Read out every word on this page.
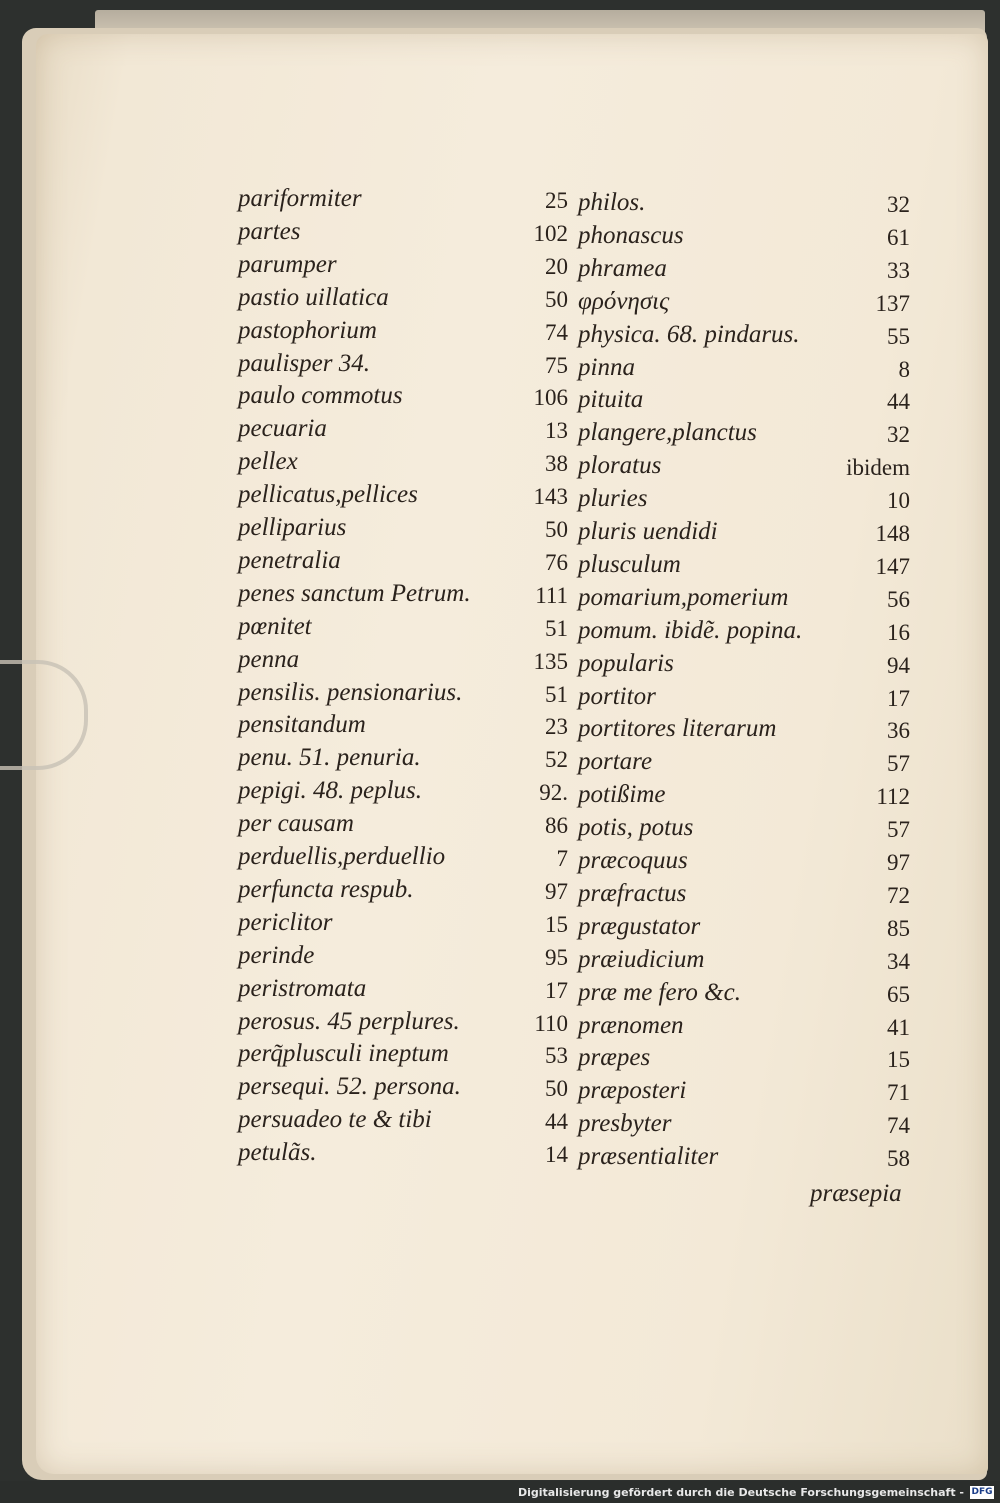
pariformiter	25
partes	102
parumper	20
pastio uillatica	50
pastophorium	74
paulisper 34.	75
paulo commotus	106
pecuaria	13
pellex	38
pellicatus,pellices	143
pelliparius	50
penetralia	76
penes sanctum Petrum.	111
pœnitet	51
penna	135
pensilis. pensionarius.	51
pensitandum	23
penu. 51. penuria.	52
pepigi. 48. peplus.	92.
per causam	86
perduellis,perduellio	7
perfuncta respub.	97
periclitor	15
perinde	95
peristromata	17
perosus. 45 perplures.	110
perq̃plusculi ineptum	53
persequi. 52. persona.	50
persuadeo te & tibi	44
petulãs.	14
philos.	32
phonascus	61
phramea	33
φρόνησις	137
physica. 68. pindarus.	55
pinna	8
pituita	44
plangere,planctus	32
ploratus	ibidem
pluries	10
pluris uendidi	148
plusculum	147
pomarium,pomerium	56
pomum. ibidẽ. popina.	16
popularis	94
portitor	17
portitores literarum	36
portare	57
potißime	112
potis, potus	57
præcoquus	97
præfractus	72
prægustator	85
præiudicium	34
præ me fero &c.	65
prænomen	41
præpes	15
præposteri	71
presbyter	74
præsentialiter	58
præsepia
Digitalisierung gefördert durch die Deutsche Forschungsgemeinschaft - DFG
